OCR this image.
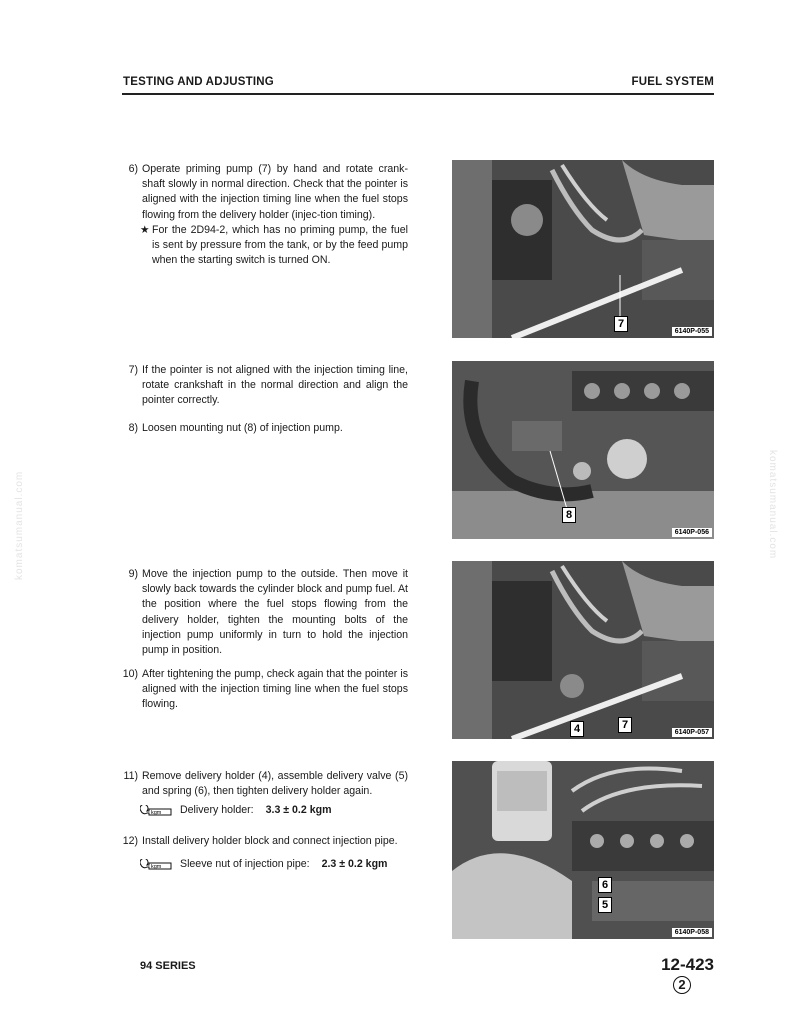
TESTING AND ADJUSTING	FUEL SYSTEM
komatsumanual.com	komatsumanual.com
6) Operate priming pump (7) by hand and rotate crank-shaft slowly in normal direction. Check that the pointer is aligned with the injection timing line when the fuel stops flowing from the delivery holder (injec-tion timing).
★ For the 2D94-2, which has no priming pump, the fuel is sent by pressure from the tank, or by the feed pump when the starting switch is turned ON.
7) If the pointer is not aligned with the injection timing line, rotate crankshaft in the normal direction and align the pointer correctly.
8) Loosen mounting nut (8) of injection pump.
9) Move the injection pump to the outside. Then move it slowly back towards the cylinder block and pump fuel. At the position where the fuel stops flowing from the delivery holder, tighten the mounting bolts of the injection pump uniformly in turn to hold the injection pump in position.
10) After tightening the pump, check again that the pointer is aligned with the injection timing line when the fuel stops flowing.
11) Remove delivery holder (4), assemble delivery valve (5) and spring (6), then tighten delivery holder again.
kgm Delivery holder: 3.3 ± 0.2 kgm
12) Install delivery holder block and connect injection pipe.
kgm Sleeve nut of injection pipe: 2.3 ± 0.2 kgm
7
6140P-055
8
6140P-056
4	7
6140P-057
6
5
6140P-058
94 SERIES	12-423
2
